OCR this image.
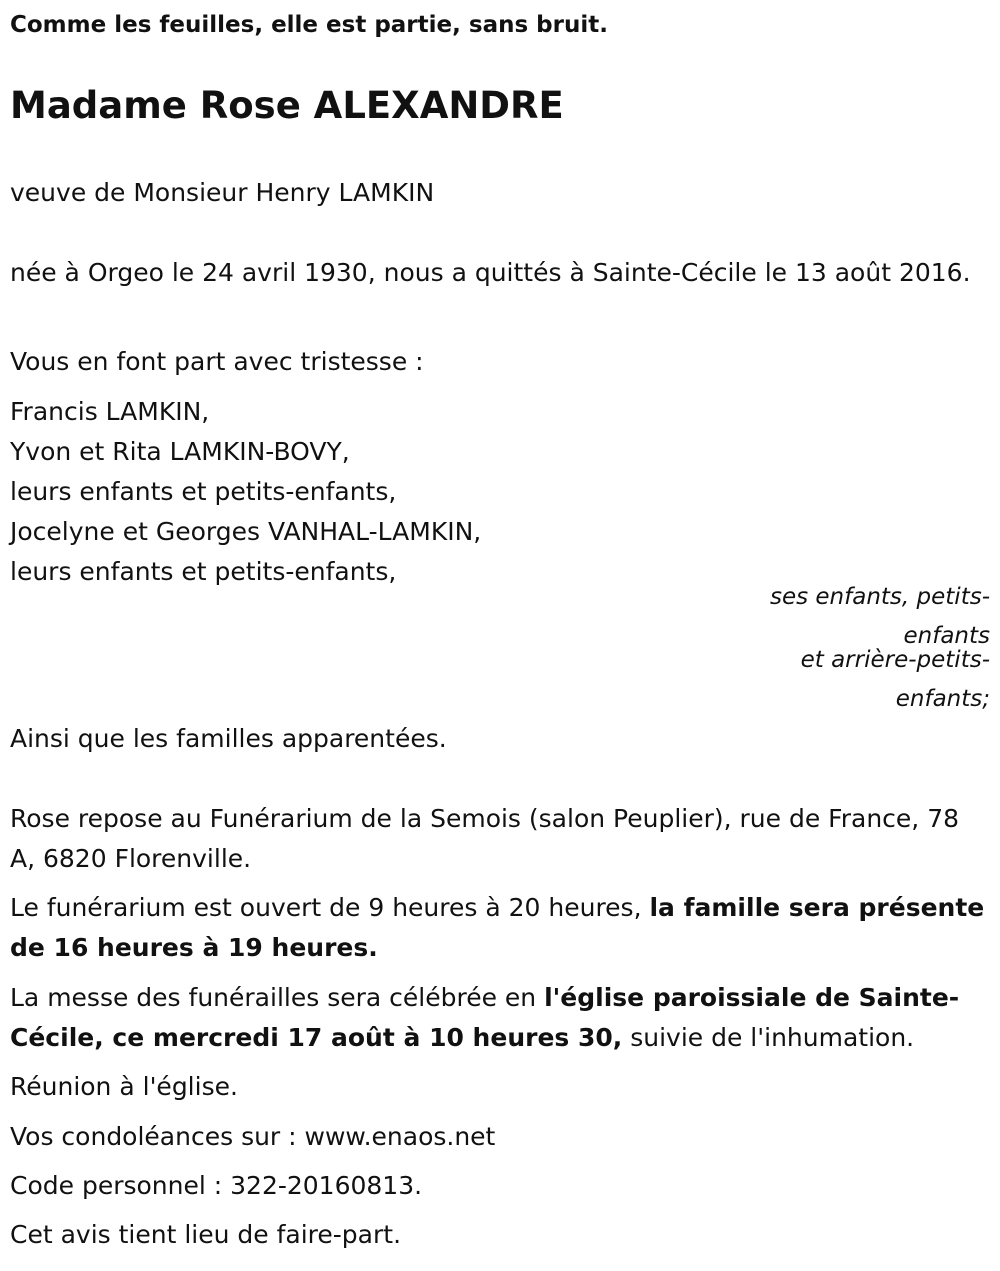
Comme les feuilles, elle est partie, sans bruit.

Madame Rose ALEXANDRE

veuve de Monsieur Henry LAMKIN

née à Orgeo le 24 avril 1930, nous a quittés à Sainte-Cécile le 13 août 2016.

Vous en font part avec tristesse :

Francis LAMKIN,

Yvon et Rita LAMKIN-BOVY,

leurs enfants et petits-enfants,

Jocelyne et Georges VANHAL-LAMKIN,

leurs enfants et petits-enfants,

ses enfants, petits-

enfants

et arrière-petits-

enfants;

Ainsi que les familles apparentées.

Rose repose au Funérarium de la Semois (salon Peuplier), rue de France, 78 A, 6820 Florenville.

Le funérarium est ouvert de 9 heures à 20 heures, la famille sera présente de 16 heures à 19 heures.

La messe des funérailles sera célébrée en l'église paroissiale de Sainte-Cécile, ce mercredi 17 août à 10 heures 30, suivie de l'inhumation.

Réunion à l'église.

Vos condoléances sur : www.enaos.net

Code personnel : 322-20160813.

Cet avis tient lieu de faire-part.
